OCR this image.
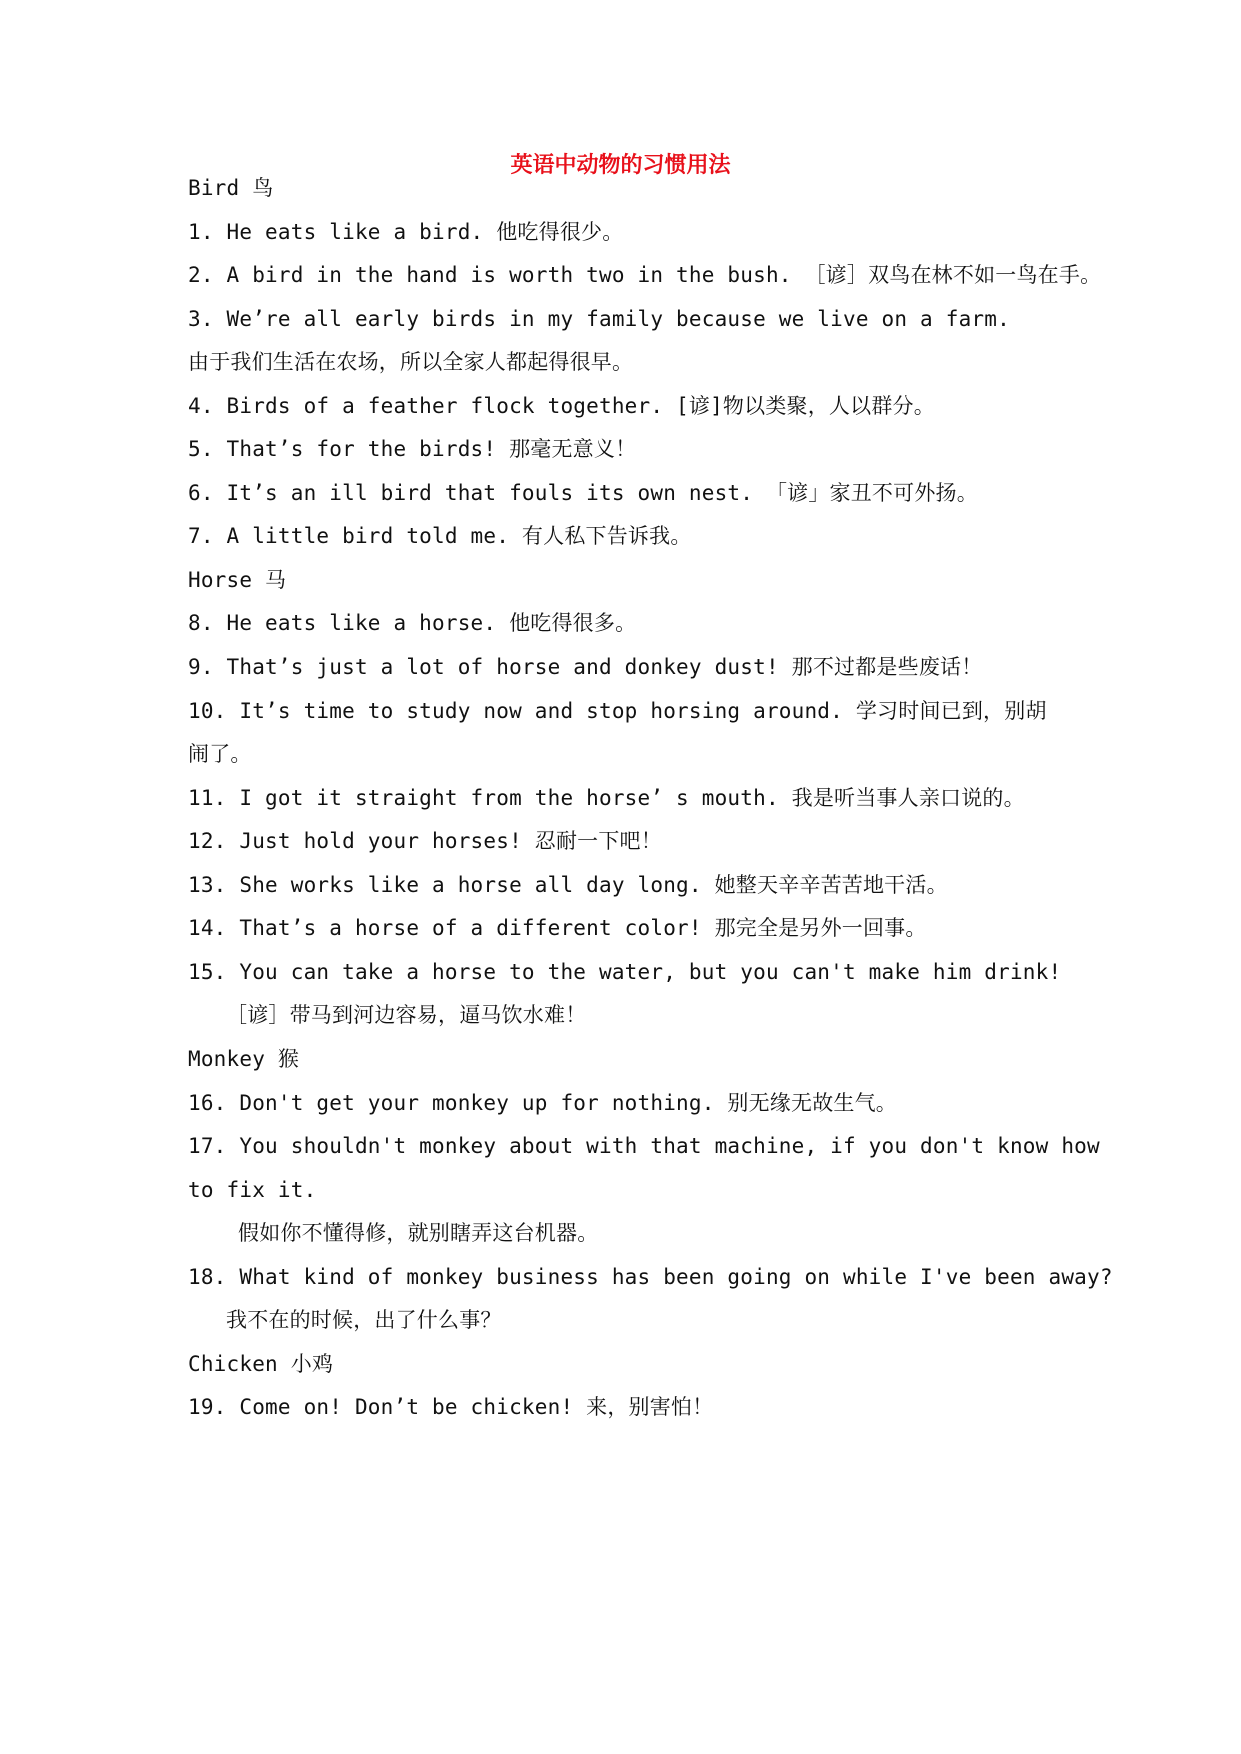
英语中动物的习惯用法
Bird 鸟
1. He eats like a bird. 他吃得很少。
2. A bird in the hand is worth two in the bush. ［谚］双鸟在林不如一鸟在手。
3. We’re all early birds in my family because we live on a farm.
由于我们生活在农场，所以全家人都起得很早。
4. Birds of a feather flock together. [谚]物以类聚，人以群分。
5. That’s for the birds! 那毫无意义！
6. It’s an ill bird that fouls its own nest. 「谚」家丑不可外扬。
7. A little bird told me. 有人私下告诉我。
Horse 马
8. He eats like a horse. 他吃得很多。
9. That’s just a lot of horse and donkey dust! 那不过都是些废话！
10. It’s time to study now and stop horsing around. 学习时间已到，别胡
闹了。
11. I got it straight from the horse’ s mouth. 我是听当事人亲口说的。
12. Just hold your horses! 忍耐一下吧！
13. She works like a horse all day long. 她整天辛辛苦苦地干活。
14. That’s a horse of a different color! 那完全是另外一回事。
15. You can take a horse to the water, but you can't make him drink!
［谚］带马到河边容易，逼马饮水难！
Monkey 猴
16. Don't get your monkey up for nothing. 别无缘无故生气。
17. You shouldn't monkey about with that machine, if you don't know how
to fix it.
假如你不懂得修，就别瞎弄这台机器。
18. What kind of monkey business has been going on while I've been away?
我不在的时候，出了什么事？
Chicken 小鸡
19. Come on! Don’t be chicken! 来，别害怕！
